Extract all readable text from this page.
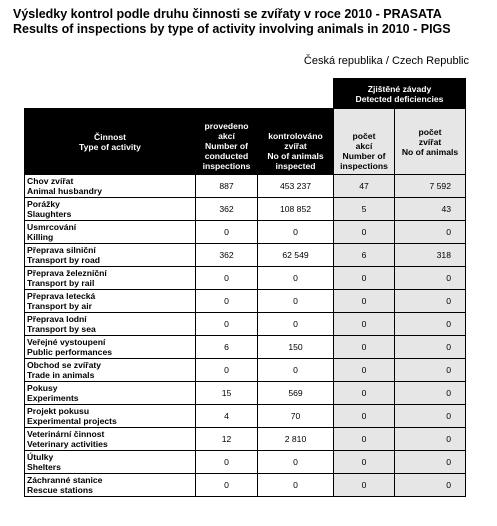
Výsledky kontrol podle druhu činnosti se zvířaty v roce 2010 - PRASATA
Results of inspections by type of activity involving animals in 2010 - PIGS
Česká republika / Czech Republic

			Zjištěné závady
Detected deficiencies	

Činnost
Type of activity	provedeno
akcí
Number of
conducted
inspections	kontrolováno
zvířat
No of animals
inspected	počet
akcí
Number of
inspections	počet
zvířat
No of animals

Chov zvířat
Animal husbandry	887	453 237	47	7 592

Porážky
Slaughters	362	108 852	5	43

Usmrcování
Killing	0	0	0	0

Přeprava silniční
Transport by road	362	62 549	6	318

Přeprava železniční
Transport by rail	0	0	0	0

Přeprava letecká
Transport by air	0	0	0	0

Přeprava lodní
Transport by sea	0	0	0	0

Veřejné vystoupení
Public performances	6	150	0	0

Obchod se zvířaty
Trade in animals	0	0	0	0

Pokusy
Experiments	15	569	0	0

Projekt pokusu
Experimental projects	4	70	0	0

Veterinární činnost
Veterinary activities	12	2 810	0	0

Útulky
Shelters	0	0	0	0

Záchranné stanice
Rescue stations	0	0	0	0
